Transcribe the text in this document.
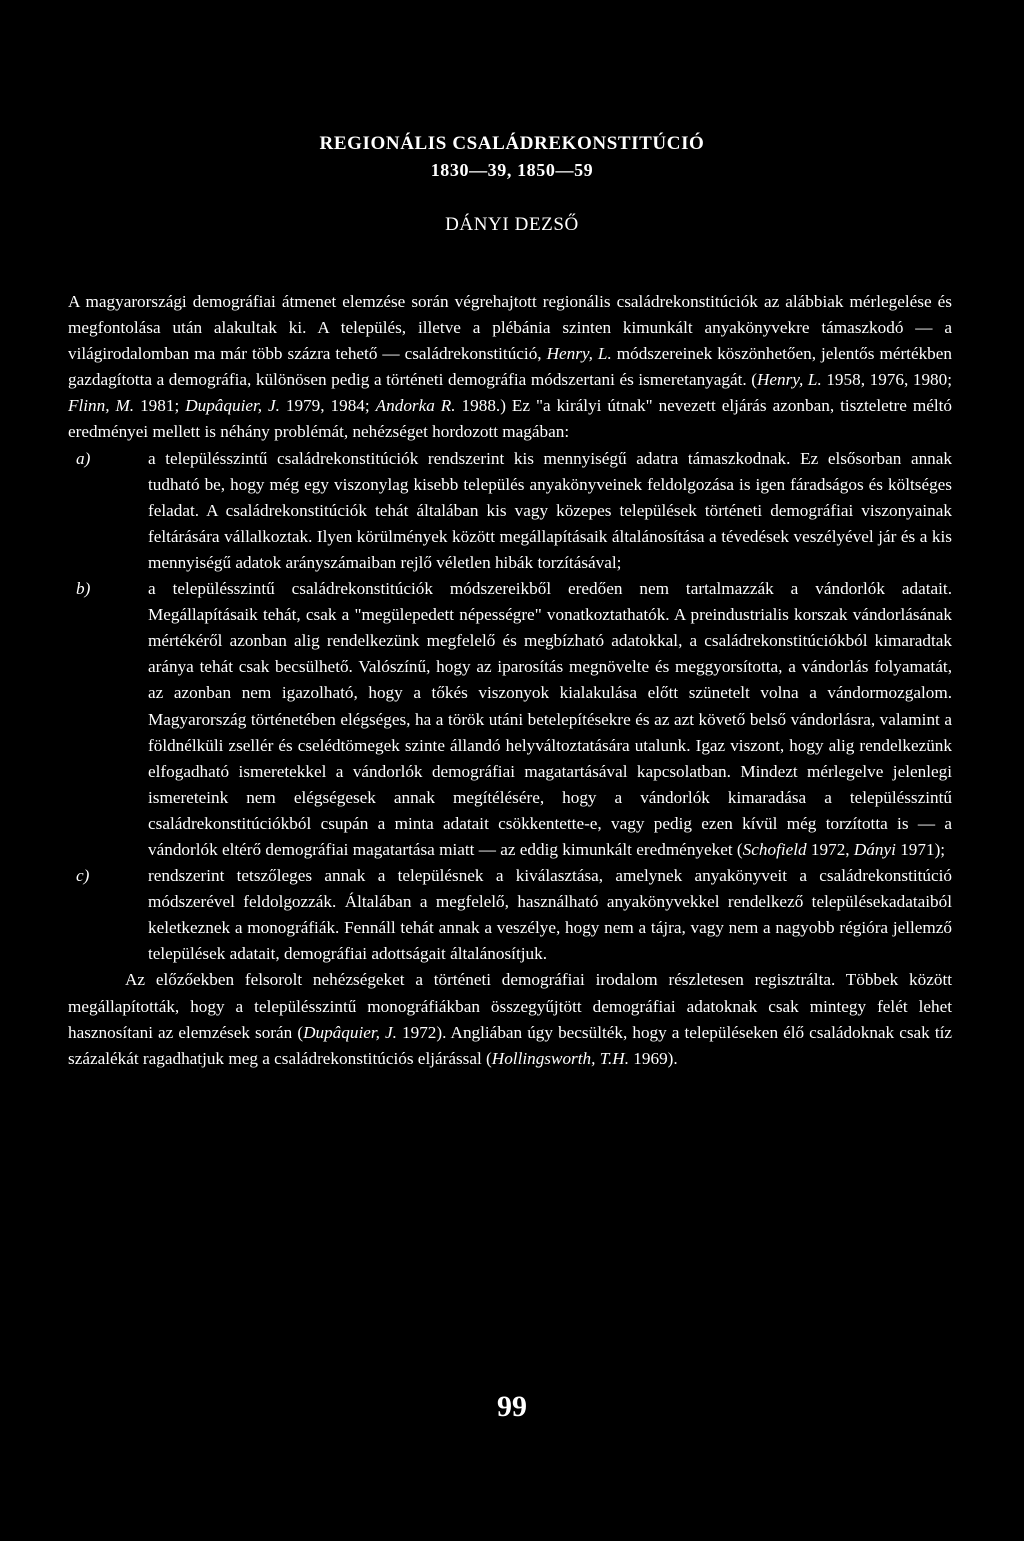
REGIONÁLIS CSALÁDREKONSTITÚCIÓ
1830—39, 1850—59
DÁNYI DEZSŐ

A magyarországi demográfiai átmenet elemzése során végrehajtott regionális családrekonstitúciók az alábbiak mérlegelése és megfontolása után alakultak ki. A település, illetve a plébánia szinten kimunkált anyakönyvekre támaszkodó — a világirodalomban ma már több százra tehető — családrekonstitúció, Henry, L. módszereinek köszönhetően, jelentős mértékben gazdagította a demográfia, különösen pedig a történeti demográfia módszertani és ismeretanyagát. (Henry, L. 1958, 1976, 1980; Flinn, M. 1981; Dupâquier, J. 1979, 1984; Andorka R. 1988.) Ez "a királyi útnak" nevezett eljárás azonban, tiszteletre méltó eredményei mellett is néhány problémát, nehézséget hordozott magában:

a)	a településszintű családrekonstitúciók rendszerint kis mennyiségű adatra támaszkodnak. Ez elsősorban annak tudható be, hogy még egy viszonylag kisebb település anyakönyveinek feldolgozása is igen fáradságos és költséges feladat. A családrekonstitúciók tehát általában kis vagy közepes települések történeti demográfiai viszonyainak feltárására vállalkoztak. Ilyen körülmények között megállapításaik általánosítása a tévedések veszélyével jár és a kis mennyiségű adatok arányszámaiban rejlő véletlen hibák torzításával;

b)	a településszintű családrekonstitúciók módszereikből eredően nem tartalmazzák a vándorlók adatait. Megállapításaik tehát, csak a "megülepedett népességre" vonatkoztathatók. A preindustrialis korszak vándorlásának mértékéről azonban alig rendelkezünk megfelelő és megbízható adatokkal, a családrekonstitúciókból kimaradtak aránya tehát csak becsülhető. Valószínű, hogy az iparosítás megnövelte és meggyorsította, a vándorlás folyamatát, az azonban nem igazolható, hogy a tőkés viszonyok kialakulása előtt szünetelt volna a vándormozgalom. Magyarország történetében elégséges, ha a török utáni betelepítésekre és az azt követő belső vándorlásra, valamint a földnélküli zsellér és cselédtömegek szinte állandó helyváltoztatására utalunk. Igaz viszont, hogy alig rendelkezünk elfogadható ismeretekkel a vándorlók demográfiai magatartásával kapcsolatban. Mindezt mérlegelve jelenlegi ismereteink nem elégségesek annak megítélésére, hogy a vándorlók kimaradása a településszintű családrekonstitúciókból csupán a minta adatait csökkentette-e, vagy pedig ezen kívül még torzította is — a vándorlók eltérő demográfiai magatartása miatt — az eddig kimunkált eredményeket (Schofield 1972, Dányi 1971);

c)	rendszerint tetszőleges annak a településnek a kiválasztása, amelynek anyakönyveit a családrekonstitúció módszerével feldolgozzák. Általában a megfelelő, használható anyakönyvekkel rendelkező településekadataiból keletkeznek a monográfiák. Fennáll tehát annak a veszélye, hogy nem a tájra, vagy nem a nagyobb régióra jellemző települések adatait, demográfiai adottságait általánosítjuk.

Az előzőekben felsorolt nehézségeket a történeti demográfiai irodalom részletesen regisztrálta. Többek között megállapították, hogy a településszintű monográfiákban összegyűjtött demográfiai adatoknak csak mintegy felét lehet hasznosítani az elemzések során (Dupâquier, J. 1972). Angliában úgy becsülték, hogy a településeken élő családoknak csak tíz százalékát ragadhatjuk meg a családrekonstitúciós eljárással (Hollingsworth, T.H. 1969).

99
